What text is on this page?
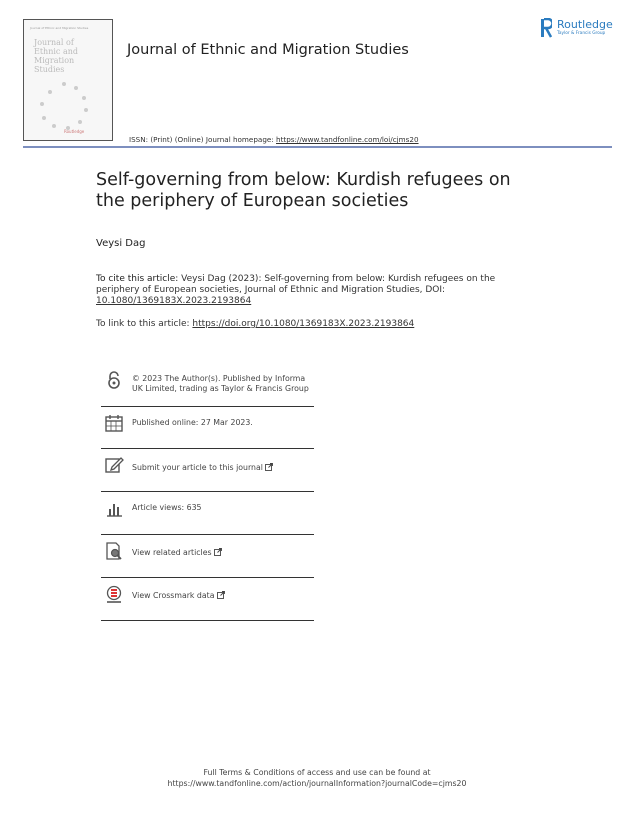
Journal of Ethnic and Migration Studies
Journal of
Ethnic and
Migration
Studies
Routledge
Journal of Ethnic and Migration Studies
Routledge
Taylor & Francis Group
ISSN: (Print) (Online) Journal homepage: https://www.tandfonline.com/loi/cjms20
Self-governing from below: Kurdish refugees on the periphery of European societies
Veysi Dag
To cite this article: Veysi Dag (2023): Self-governing from below: Kurdish refugees on the periphery of European societies, Journal of Ethnic and Migration Studies, DOI: 10.1080/1369183X.2023.2193864
To link to this article: https://doi.org/10.1080/1369183X.2023.2193864
© 2023 The Author(s). Published by Informa UK Limited, trading as Taylor & Francis Group
Published online: 27 Mar 2023.
Submit your article to this journal
Article views: 635
View related articles
View Crossmark data
Full Terms & Conditions of access and use can be found at
https://www.tandfonline.com/action/journalInformation?journalCode=cjms20
